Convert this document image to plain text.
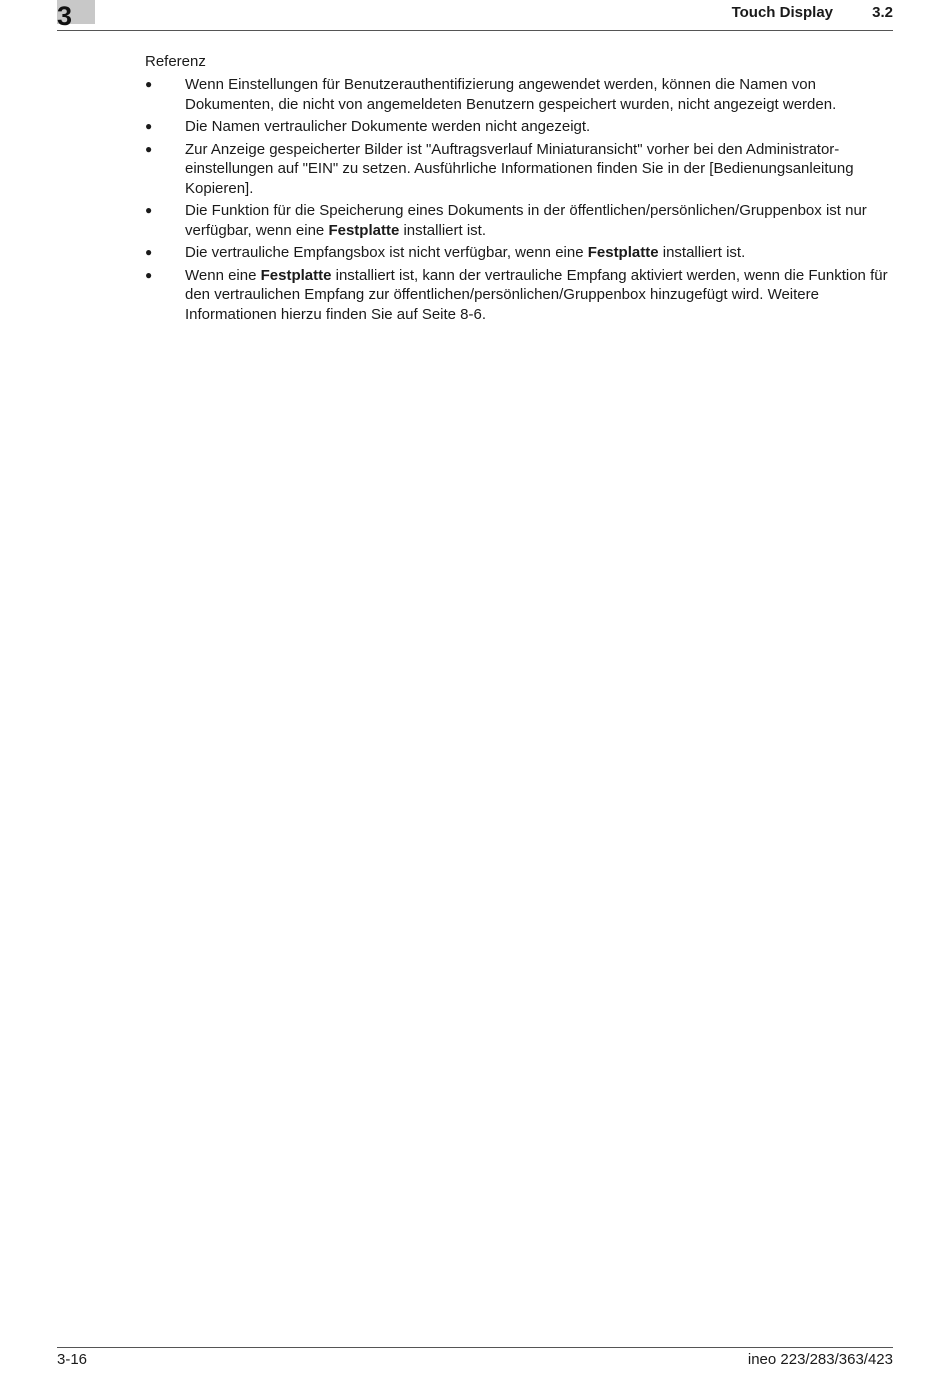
3	Touch Display	3.2

Referenz

● Wenn Einstellungen für Benutzerauthentifizierung angewendet werden, können die Namen von Dokumenten, die nicht von angemeldeten Benutzern gespeichert wurden, nicht angezeigt werden.
● Die Namen vertraulicher Dokumente werden nicht angezeigt.
● Zur Anzeige gespeicherter Bilder ist "Auftragsverlauf Miniaturansicht" vorher bei den Administrator-einstellungen auf "EIN" zu setzen. Ausführliche Informationen finden Sie in der [Bedienungsanleitung Kopieren].
● Die Funktion für die Speicherung eines Dokuments in der öffentlichen/persönlichen/Gruppenbox ist nur verfügbar, wenn eine Festplatte installiert ist.
● Die vertrauliche Empfangsbox ist nicht verfügbar, wenn eine Festplatte installiert ist.
● Wenn eine Festplatte installiert ist, kann der vertrauliche Empfang aktiviert werden, wenn die Funktion für den vertraulichen Empfang zur öffentlichen/persönlichen/Gruppenbox hinzugefügt wird. Weitere Informationen hierzu finden Sie auf Seite 8-6.
3-16	ineo 223/283/363/423
